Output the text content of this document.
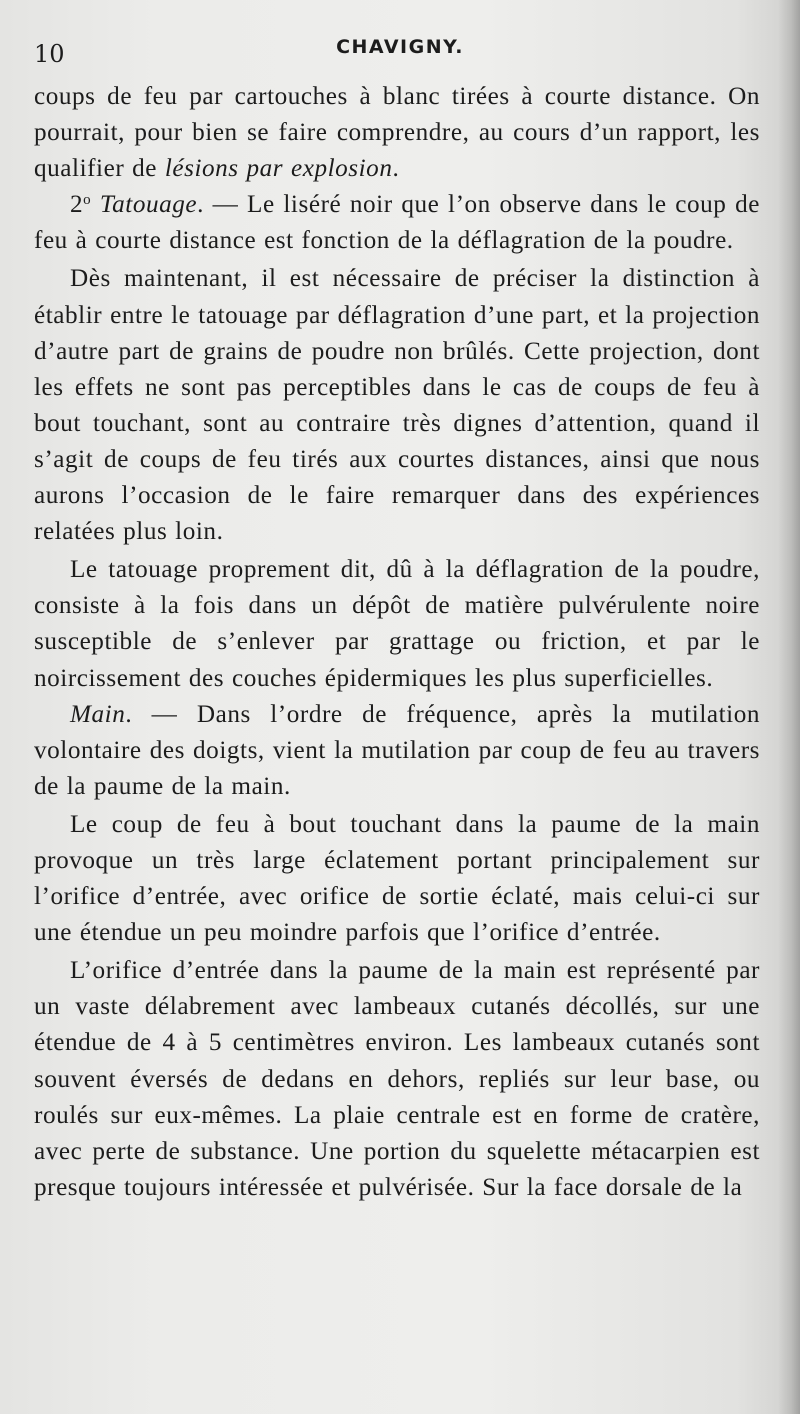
10	CHAVIGNY.

coups de feu par cartouches à blanc tirées à courte distance. On pourrait, pour bien se faire comprendre, au cours d’un rapport, les qualifier de lésions par explosion.

2$^o$ Tatouage. — Le liséré noir que l’on observe dans le coup de feu à courte distance est fonction de la déflagration de la poudre.

Dès maintenant, il est nécessaire de préciser la distinction à établir entre le tatouage par déflagration d’une part, et la projection d’autre part de grains de poudre non brûlés. Cette projection, dont les effets ne sont pas perceptibles dans le cas de coups de feu à bout touchant, sont au contraire très dignes d’attention, quand il s’agit de coups de feu tirés aux courtes distances, ainsi que nous aurons l’occasion de le faire remarquer dans des expériences relatées plus loin.

Le tatouage proprement dit, dû à la déflagration de la poudre, consiste à la fois dans un dépôt de matière pulvérulente noire susceptible de s’enlever par grattage ou friction, et par le noircissement des couches épidermiques les plus superficielles.

Main. — Dans l’ordre de fréquence, après la mutilation volontaire des doigts, vient la mutilation par coup de feu au travers de la paume de la main.

Le coup de feu à bout touchant dans la paume de la main provoque un très large éclatement portant principalement sur l’orifice d’entrée, avec orifice de sortie éclaté, mais celui-ci sur une étendue un peu moindre parfois que l’orifice d’entrée.

L’orifice d’entrée dans la paume de la main est représenté par un vaste délabrement avec lambeaux cutanés décollés, sur une étendue de 4 à 5 centimètres environ. Les lambeaux cutanés sont souvent éversés de dedans en dehors, repliés sur leur base, ou roulés sur eux-mêmes. La plaie centrale est en forme de cratère, avec perte de substance. Une portion du squelette métacarpien est presque toujours intéressée et pulvérisée. Sur la face dorsale de la
